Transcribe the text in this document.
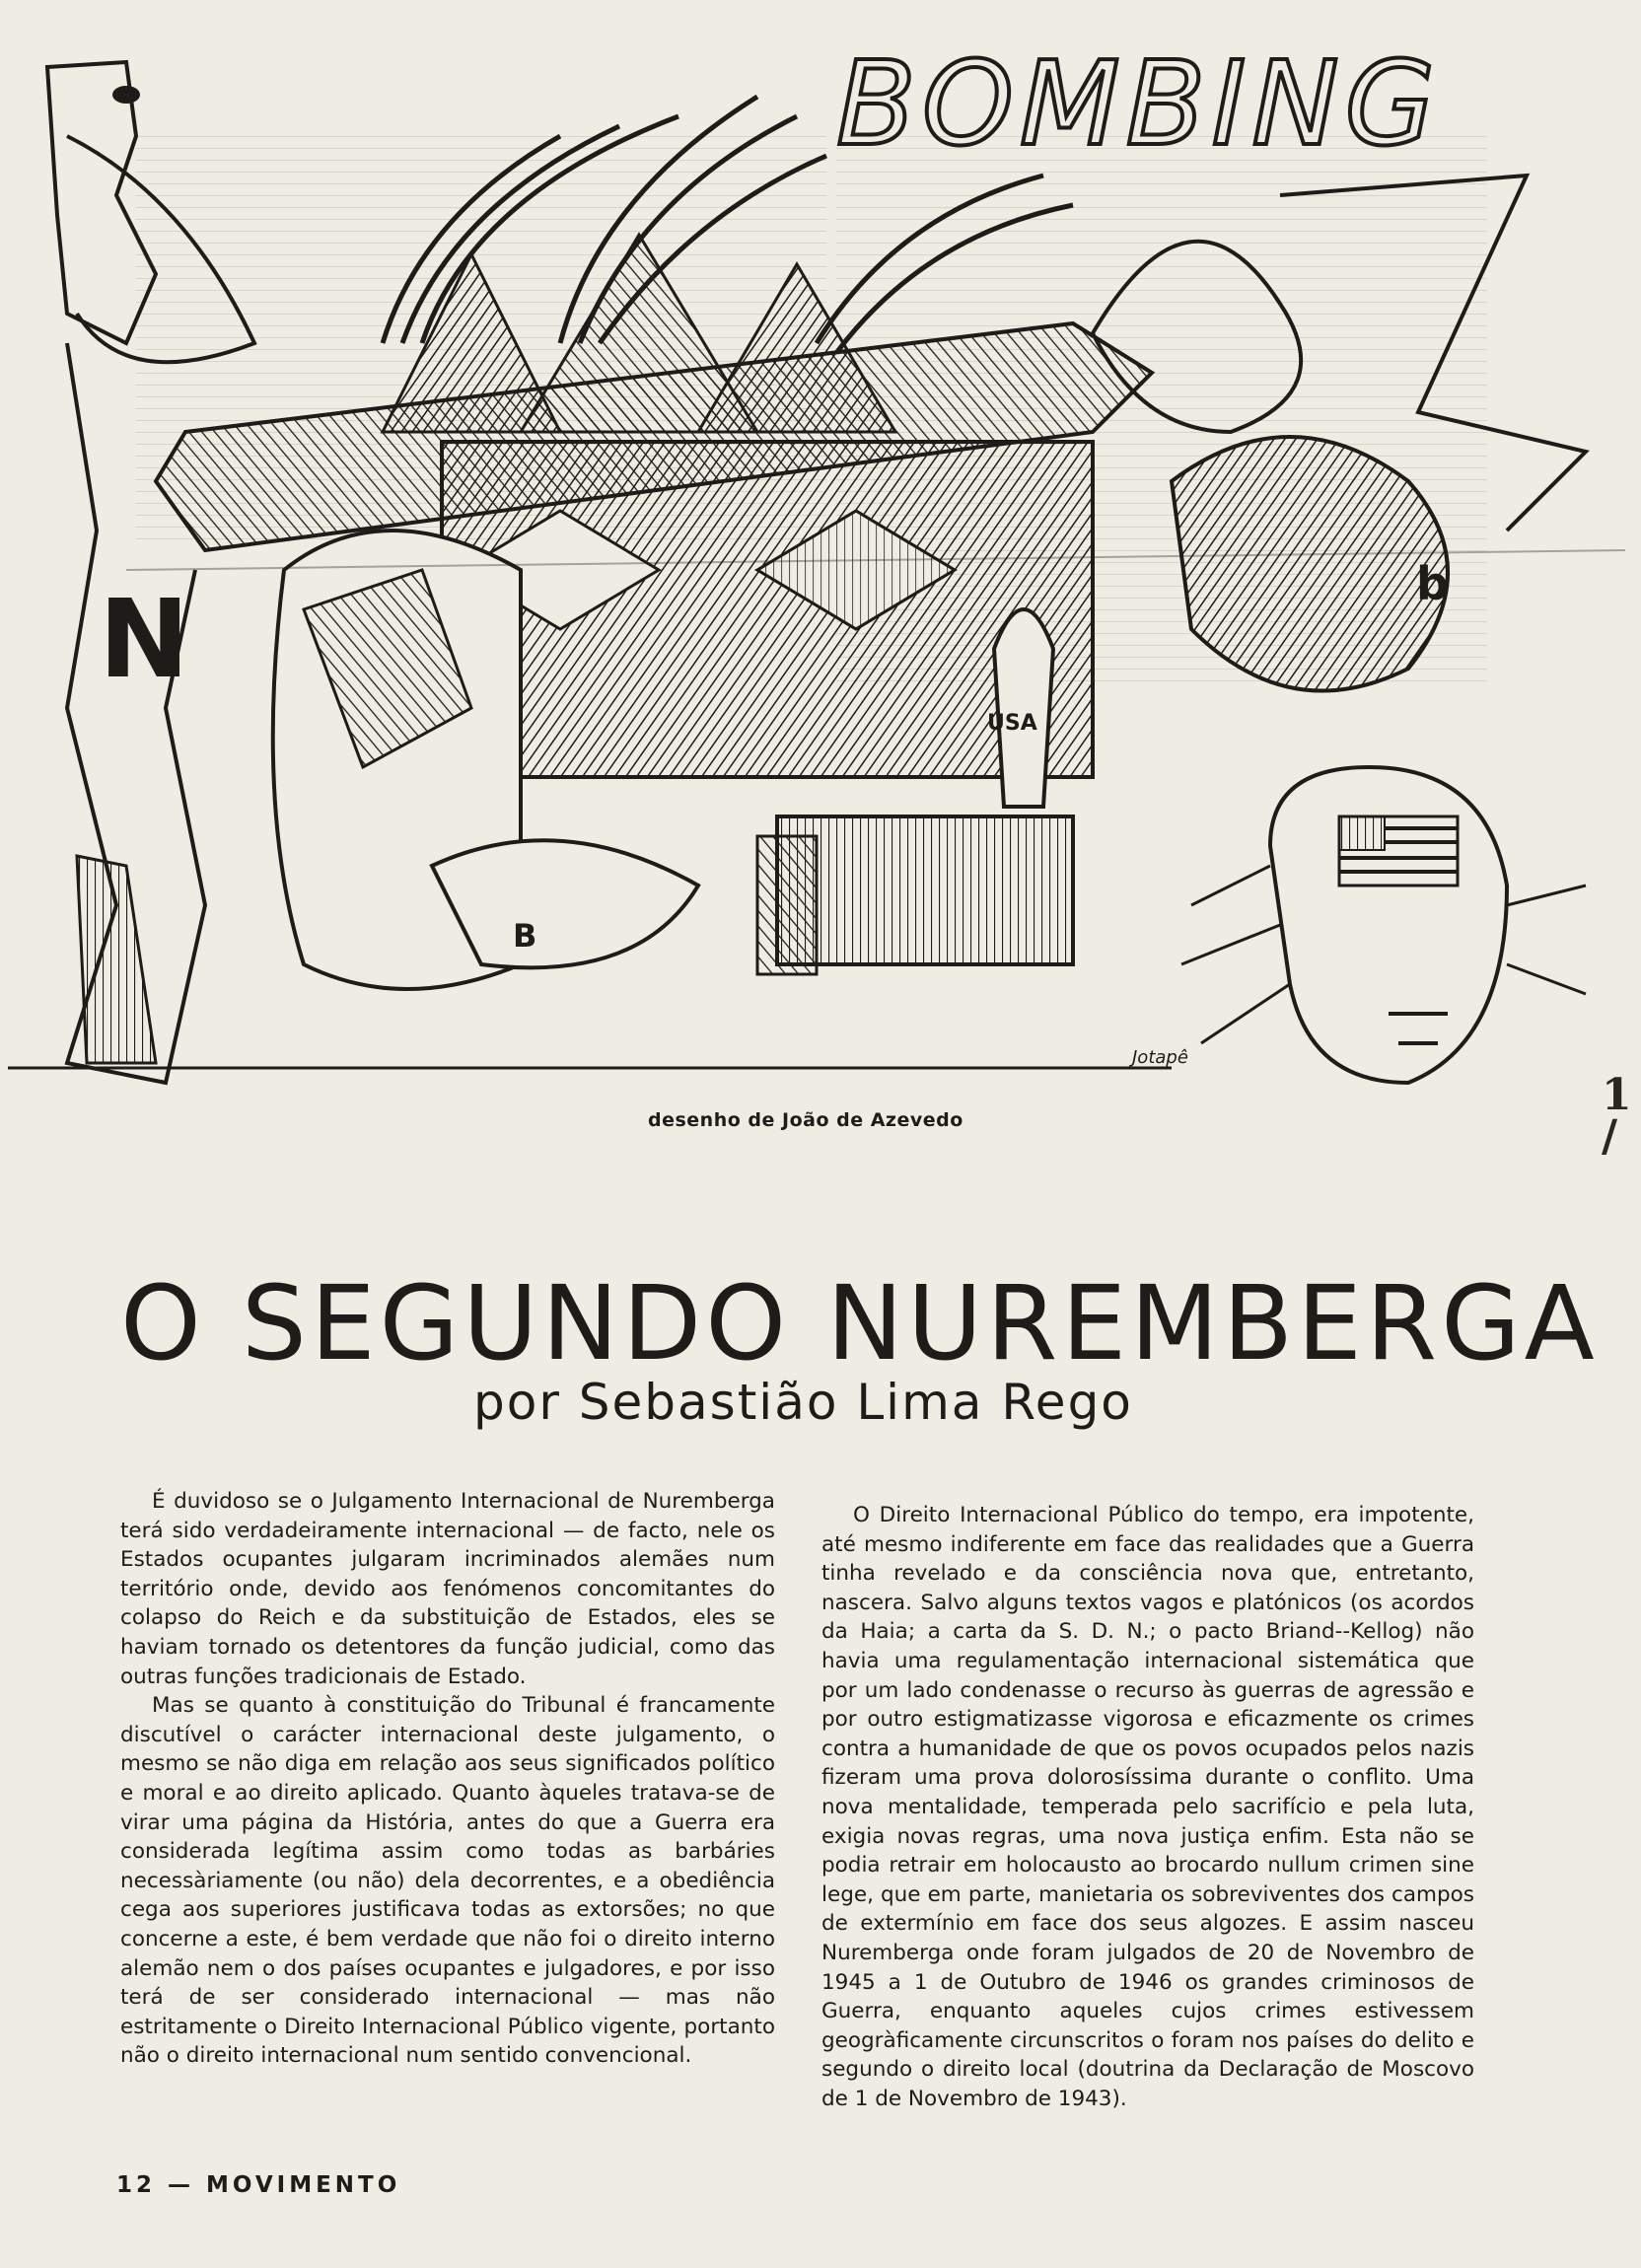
BOMBING
N
B
USA
b
Jotapê
desenho de João de Azevedo	1
/
O SEGUNDO NUREMBERGA
por Sebastião Lima Rego

É duvidoso se o Julgamento Internacional de Nuremberga terá sido verdadeiramente internacional — de facto, nele os Estados ocupantes julgaram incriminados alemães num território onde, devido aos fenómenos concomitantes do colapso do Reich e da substituição de Estados, eles se haviam tornado os detentores da função judicial, como das outras funções tradicionais de Estado.

Mas se quanto à constituição do Tribunal é francamente discutível o carácter internacional deste julgamento, o mesmo se não diga em relação aos seus significados político e moral e ao direito aplicado. Quanto àqueles tratava-se de virar uma página da História, antes do que a Guerra era considerada legítima assim como todas as barbáries necessàriamente (ou não) dela decorrentes, e a obediência cega aos superiores justificava todas as extorsões; no que concerne a este, é bem verdade que não foi o direito interno alemão nem o dos países ocupantes e julgadores, e por isso terá de ser considerado internacional — mas não estritamente o Direito Internacional Público vigente, portanto não o direito internacional num sentido convencional.

O Direito Internacional Público do tempo, era impotente, até mesmo indiferente em face das realidades que a Guerra tinha revelado e da consciência nova que, entretanto, nascera. Salvo alguns textos vagos e platónicos (os acordos da Haia; a carta da S. D. N.; o pacto Briand--Kellog) não havia uma regulamentação internacional sistemática que por um lado condenasse o recurso às guerras de agressão e por outro estigmatizasse vigorosa e eficazmente os crimes contra a humanidade de que os povos ocupados pelos nazis fizeram uma prova dolorosíssima durante o conflito. Uma nova mentalidade, temperada pelo sacrifício e pela luta, exigia novas regras, uma nova justiça enfim. Esta não se podia retrair em holocausto ao brocardo nullum crimen sine lege, que em parte, manietaria os sobreviventes dos campos de extermínio em face dos seus algozes. E assim nasceu Nuremberga onde foram julgados de 20 de Novembro de 1945 a 1 de Outubro de 1946 os grandes criminosos de Guerra, enquanto aqueles cujos crimes estivessem geogràficamente circunscritos o foram nos países do delito e segundo o direito local (doutrina da Declaração de Moscovo de 1 de Novembro de 1943).

12 — MOVIMENTO
